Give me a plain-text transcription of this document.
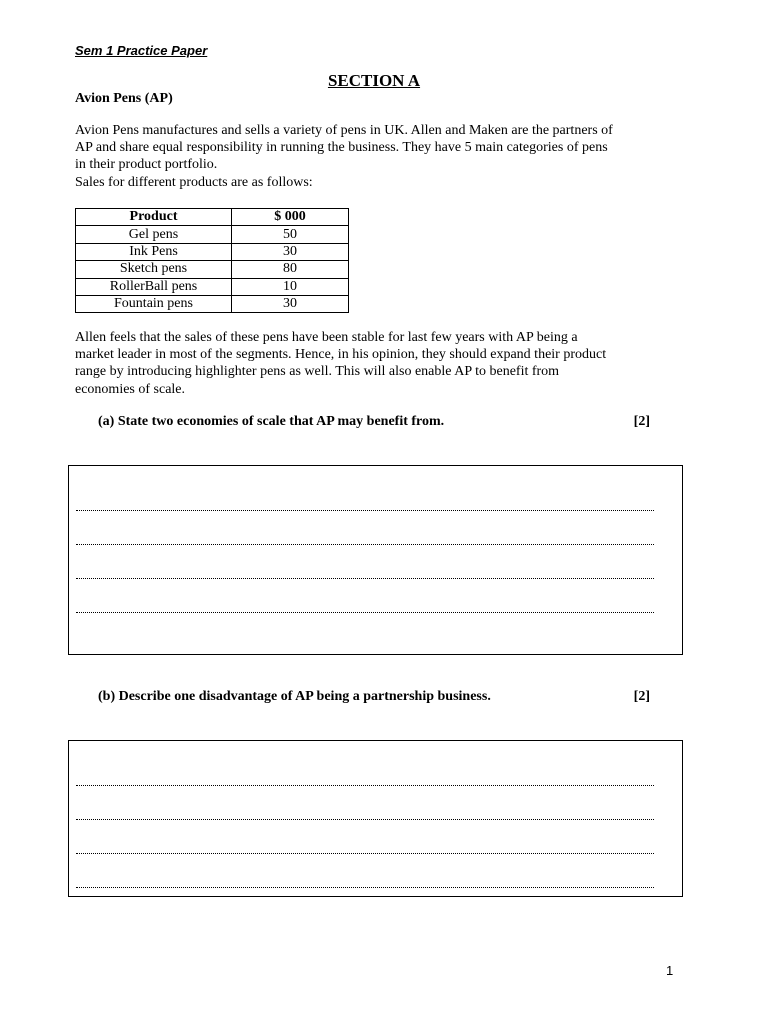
Sem 1 Practice Paper
SECTION A
Avion Pens (AP)

Avion Pens manufactures and sells a variety of pens in UK. Allen and Maken are the partners of

AP and share equal responsibility in running the business. They have 5 main categories of pens

in their product portfolio.

Sales for different products are as follows:

Product	$ 000
Gel pens	50
Ink Pens	30
Sketch pens	80
RollerBall pens	10
Fountain pens	30

Allen feels that the sales of these pens have been stable for last few years with AP being a

market leader in most of the segments. Hence, in his opinion, they should expand their product

range by introducing highlighter pens as well. This will also enable AP to benefit from

economies of scale.

(a) State two economies of scale that AP may benefit from.	[2]
(b) Describe one disadvantage of AP being a partnership business.	[2]
1
